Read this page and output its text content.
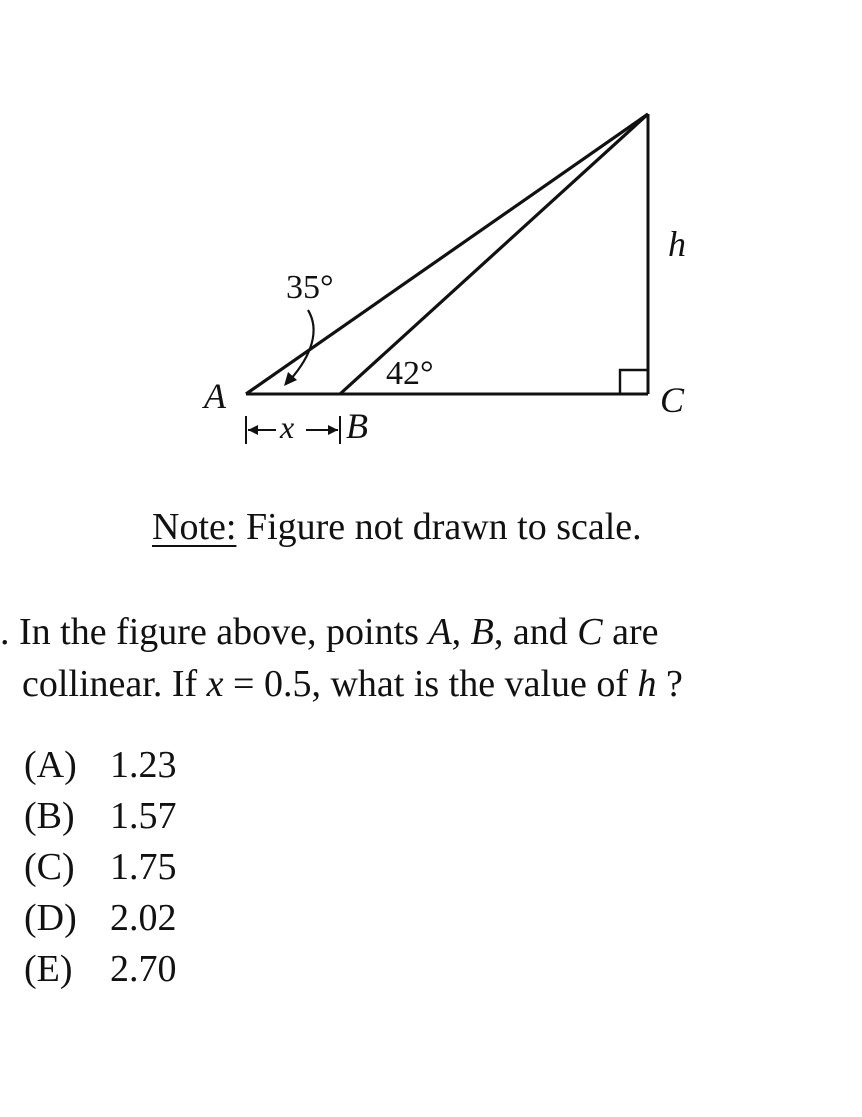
A
B
C
h
35°
42°
x
Note: Figure not drawn to scale.
. In the figure above, points A, B, and C are
collinear. If x = 0.5, what is the value of h ?
(A) 1.23
(B) 1.57
(C) 1.75
(D) 2.02
(E) 2.70
